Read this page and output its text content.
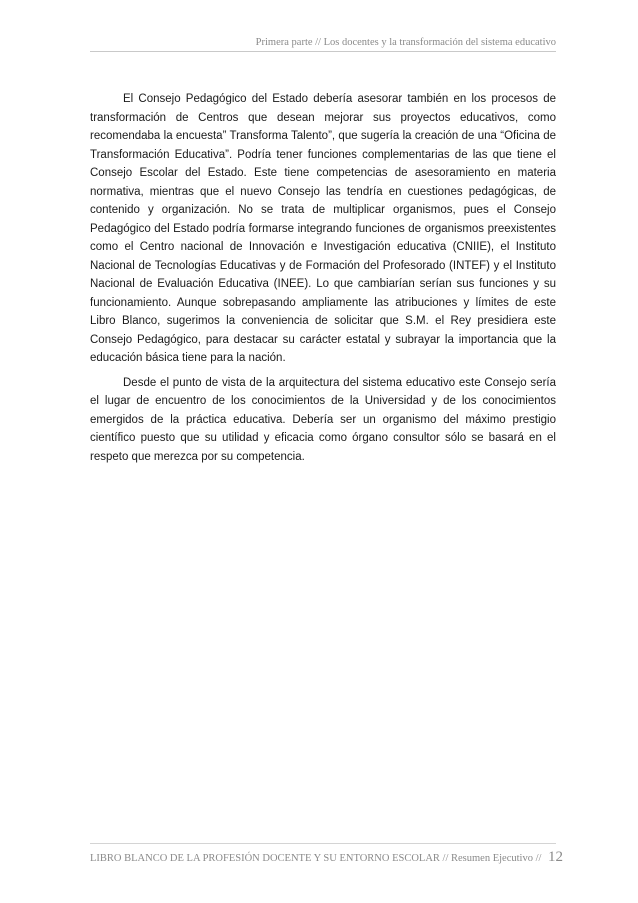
Primera parte // Los docentes y la transformación del sistema educativo

El Consejo Pedagógico del Estado debería asesorar también en los procesos de transformación de Centros que desean mejorar sus proyectos educativos, como recomendaba la encuesta” Transforma Talento”, que sugería la creación de una “Oficina de Transformación Educativa”. Podría tener funciones complementarias de las que tiene el Consejo Escolar del Estado. Este tiene competencias de asesoramiento en materia normativa, mientras que el nuevo Consejo las tendría en cuestiones pedagógicas, de contenido y organización. No se trata de multiplicar organismos, pues el Consejo Pedagógico del Estado podría formarse integrando funciones de organismos preexistentes como el Centro nacional de Innovación e Investigación educativa (CNIIE), el Instituto Nacional de Tecnologías Educativas y de Formación del Profesorado (INTEF) y el Instituto Nacional de Evaluación Educativa (INEE). Lo que cambiarían serían sus funciones y su funcionamiento. Aunque sobrepasando ampliamente las atribuciones y límites de este Libro Blanco, sugerimos la conveniencia de solicitar que S.M. el Rey presidiera este Consejo Pedagógico, para destacar su carácter estatal y subrayar la importancia que la educación básica tiene para la nación.

Desde el punto de vista de la arquitectura del sistema educativo este Consejo sería el lugar de encuentro de los conocimientos de la Universidad y de los conocimientos emergidos de la práctica educativa. Debería ser un organismo del máximo prestigio científico puesto que su utilidad y eficacia como órgano consultor sólo se basará en el respeto que merezca por su competencia.

LIBRO BLANCO DE LA PROFESIÓN DOCENTE Y SU ENTORNO ESCOLAR // Resumen Ejecutivo // 12
